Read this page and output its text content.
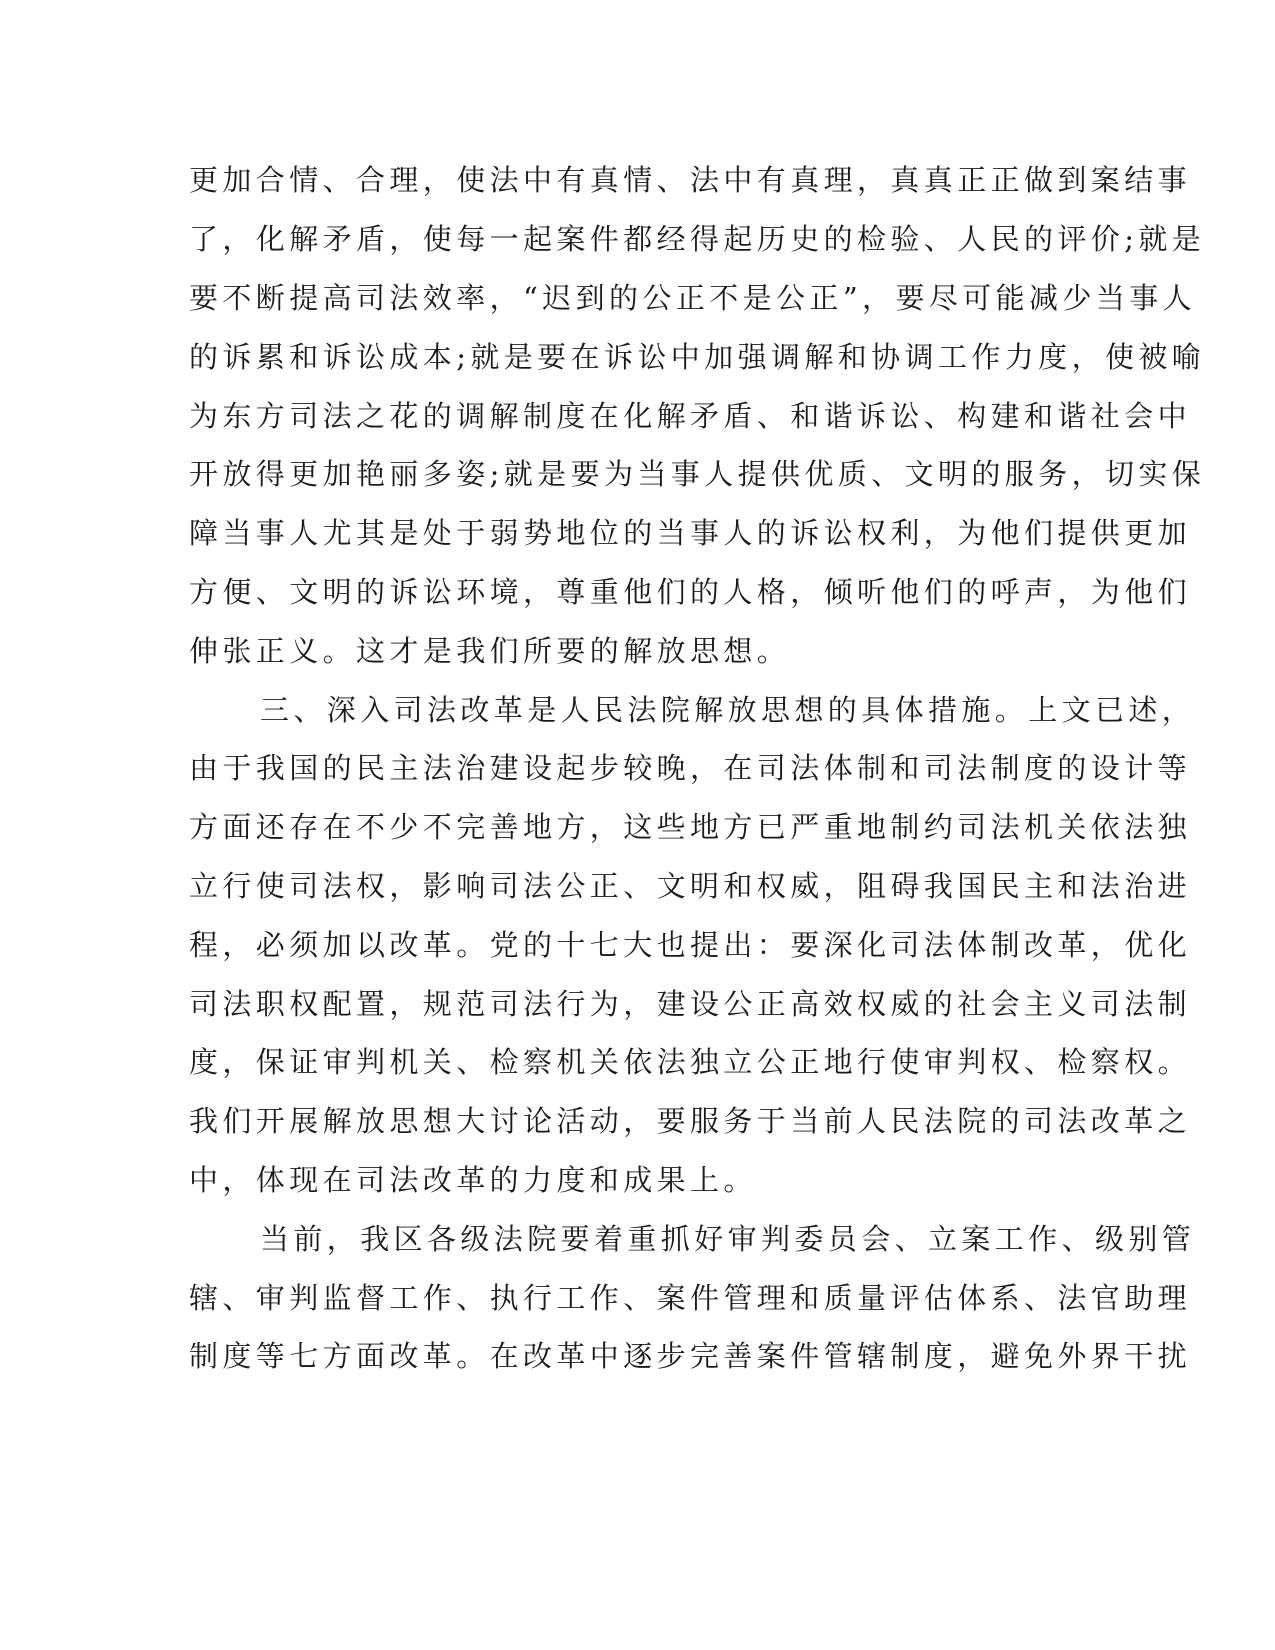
更加合情、合理，使法中有真情、法中有真理，真真正正做到案结事
了，化解矛盾，使每一起案件都经得起历史的检验、人民的评价;就是
要不断提高司法效率，“迟到的公正不是公正”，要尽可能减少当事人
的诉累和诉讼成本;就是要在诉讼中加强调解和协调工作力度，使被喻
为东方司法之花的调解制度在化解矛盾、和谐诉讼、构建和谐社会中
开放得更加艳丽多姿;就是要为当事人提供优质、文明的服务，切实保
障当事人尤其是处于弱势地位的当事人的诉讼权利，为他们提供更加
方便、文明的诉讼环境，尊重他们的人格，倾听他们的呼声，为他们
伸张正义。这才是我们所要的解放思想。
三、深入司法改革是人民法院解放思想的具体措施。上文已述，
由于我国的民主法治建设起步较晚，在司法体制和司法制度的设计等
方面还存在不少不完善地方，这些地方已严重地制约司法机关依法独
立行使司法权，影响司法公正、文明和权威，阻碍我国民主和法治进
程，必须加以改革。党的十七大也提出：要深化司法体制改革，优化
司法职权配置，规范司法行为，建设公正高效权威的社会主义司法制
度，保证审判机关、检察机关依法独立公正地行使审判权、检察权。
我们开展解放思想大讨论活动，要服务于当前人民法院的司法改革之
中，体现在司法改革的力度和成果上。
当前，我区各级法院要着重抓好审判委员会、立案工作、级别管
辖、审判监督工作、执行工作、案件管理和质量评估体系、法官助理
制度等七方面改革。在改革中逐步完善案件管辖制度，避免外界干扰
